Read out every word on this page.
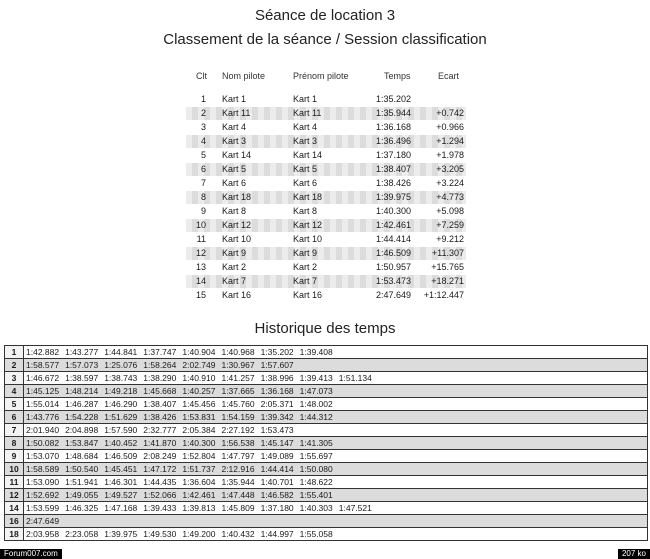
Séance de location 3
Classement de la séance / Session classification
Clt Nom pilote	Prénom pilote	Temps	Ecart
1 Kart 1	Kart 1	1:35.202
2 Kart 11	Kart 11	1:35.944	+0.742
3 Kart 4	Kart 4	1:36.168	+0.966
4 Kart 3	Kart 3	1:36.496	+1.294
5 Kart 14	Kart 14	1:37.180	+1.978
6 Kart 5	Kart 5	1:38.407	+3.205
7 Kart 6	Kart 6	1:38.426	+3.224
8 Kart 18	Kart 18	1:39.975	+4.773
9 Kart 8	Kart 8	1:40.300	+5.098
10 Kart 12	Kart 12	1:42.461	+7.259
11 Kart 10	Kart 10	1:44.414	+9.212
12 Kart 9	Kart 9	1:46.509 +11.307
13 Kart 2	Kart 2	1:50.957 +15.765
14 Kart 7	Kart 7	1:53.473 +18.271
15 Kart 16	Kart 16	2:47.649 +1:12.447
Historique des temps
1	1:42.882 1:43.277 1:44.841 1:37.747 1:40.904 1:40.968 1:35.202 1:39.408
2	1:58.577 1:57.073 1:25.076 1:58.264 2:02.749 1:30.967 1:57.607
3	1:46.672 1:38.597 1:38.743 1:38.290 1:40.910 1:41.257 1:38.996 1:39.413 1:51.134
4	1:45.125 1:48.214 1:49.218 1:45.668 1:40.257 1:37.665 1:36.168 1:47.073
5	1:55.014 1:46.287 1:46.290 1:38.407 1:45.456 1:45.760 2:05.371 1:48.002
6	1:43.776 1:54.228 1:51.629 1:38.426 1:53.831 1:54.159 1:39.342 1:44.312
7	2:01.940 2:04.898 1:57.590 2:32.777 2:05.384 2:27.192 1:53.473
8	1:50.082 1:53.847 1:40.452 1:41.870 1:40.300 1:56.538 1:45.147 1:41.305
9	1:53.070 1:48.684 1:46.509 2:08.249 1:52.804 1:47.797 1:49.089 1:55.697
10	1:58.589 1:50.540 1:45.451 1:47.172 1:51.737 2:12.916 1:44.414 1:50.080
11	1:53.090 1:51.941 1:46.301 1:44.435 1:36.604 1:35.944 1:40.701 1:48.622
12	1:52.692 1:49.055 1:49.527 1:52.066 1:42.461 1:47.448 1:46.582 1:55.401
14	1:53.599 1:46.325 1:47.168 1:39.433 1:39.813 1:45.809 1:37.180 1:40.303 1:47.521
16	2:47.649
18	2:03.958 2:23.058 1:39.975 1:49.530 1:49.200 1:40.432 1:44.997 1:55.058
Forum007.com	207 ko
